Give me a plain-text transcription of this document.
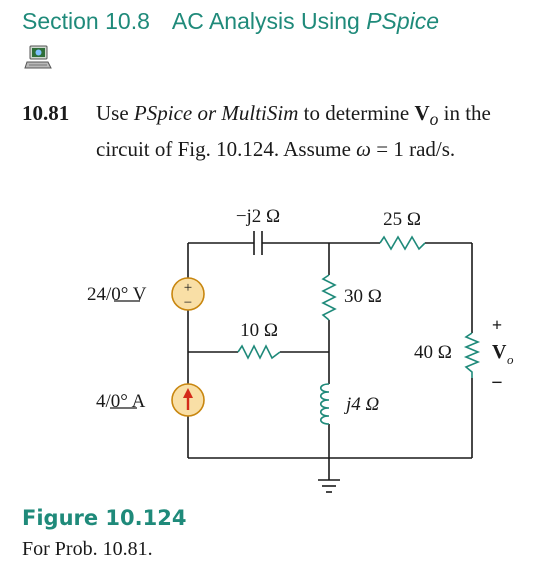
Section 10.8 AC Analysis Using PSpice
10.81 Use PSpice or MultiSim to determine $V_o$ in the
circuit of Fig. 10.124. Assume ω = 1 rad/s.
+
−
−j2 Ω	25 Ω
24/0° V	30 Ω
10 Ω
40 Ω
4/0° A	j4 Ω
+
V o
−
Figure 10.124
For Prob. 10.81.
